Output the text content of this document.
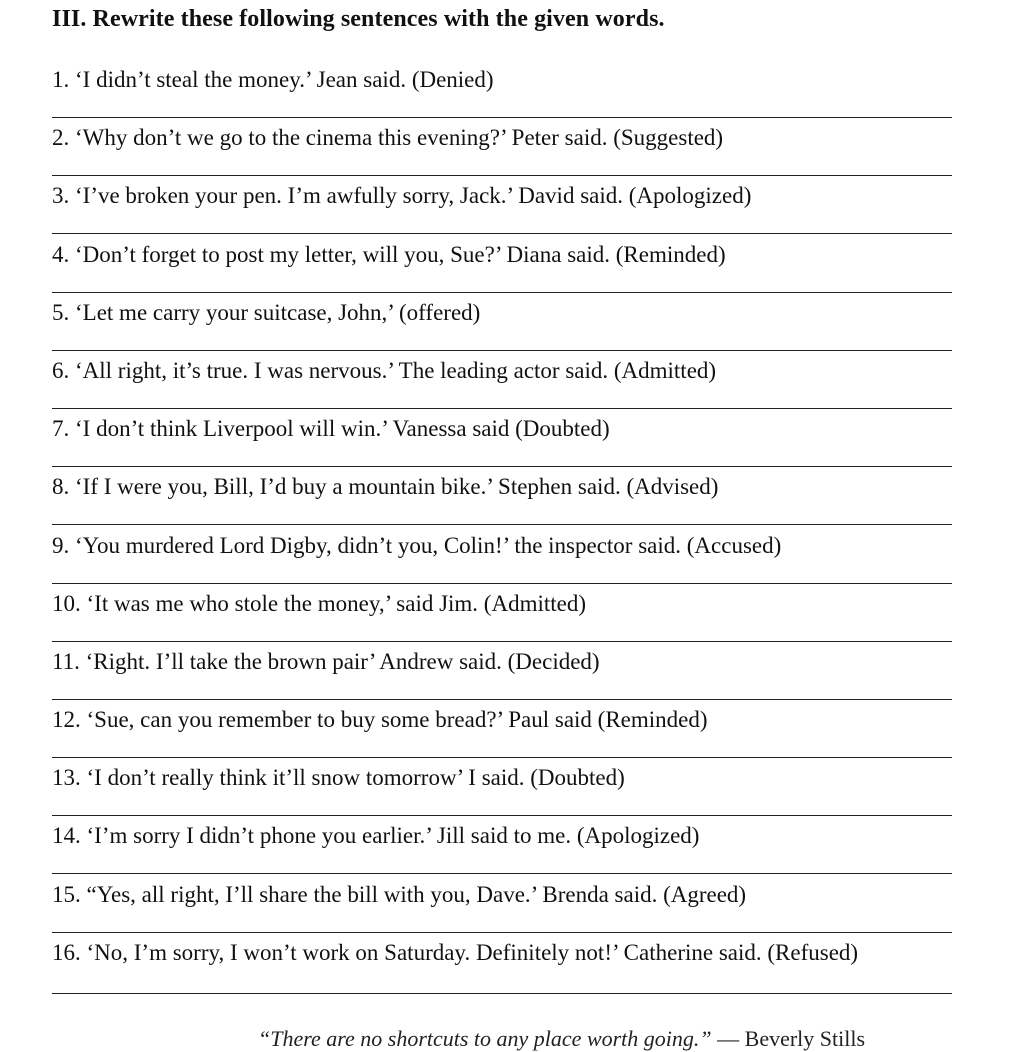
III. Rewrite these following sentences with the given words.
1. ‘I didn’t steal the money.’ Jean said. (Denied)
2. ‘Why don’t we go to the cinema this evening?’ Peter said. (Suggested)
3. ‘I’ve broken your pen. I’m awfully sorry, Jack.’ David said. (Apologized)
4. ‘Don’t forget to post my letter, will you, Sue?’ Diana said. (Reminded)
5. ‘Let me carry your suitcase, John,’ (offered)
6. ‘All right, it’s true. I was nervous.’ The leading actor said. (Admitted)
7. ‘I don’t think Liverpool will win.’ Vanessa said (Doubted)
8. ‘If I were you, Bill, I’d buy a mountain bike.’ Stephen said. (Advised)
9. ‘You murdered Lord Digby, didn’t you, Colin!’ the inspector said. (Accused)
10. ‘It was me who stole the money,’ said Jim. (Admitted)
11. ‘Right. I’ll take the brown pair’ Andrew said. (Decided)
12. ‘Sue, can you remember to buy some bread?’ Paul said (Reminded)
13. ‘I don’t really think it’ll snow tomorrow’ I said. (Doubted)
14. ‘I’m sorry I didn’t phone you earlier.’ Jill said to me. (Apologized)
15. “Yes, all right, I’ll share the bill with you, Dave.’ Brenda said. (Agreed)
16. ‘No, I’m sorry, I won’t work on Saturday. Definitely not!’ Catherine said. (Refused)
“There are no shortcuts to any place worth going.” — Beverly Stills
